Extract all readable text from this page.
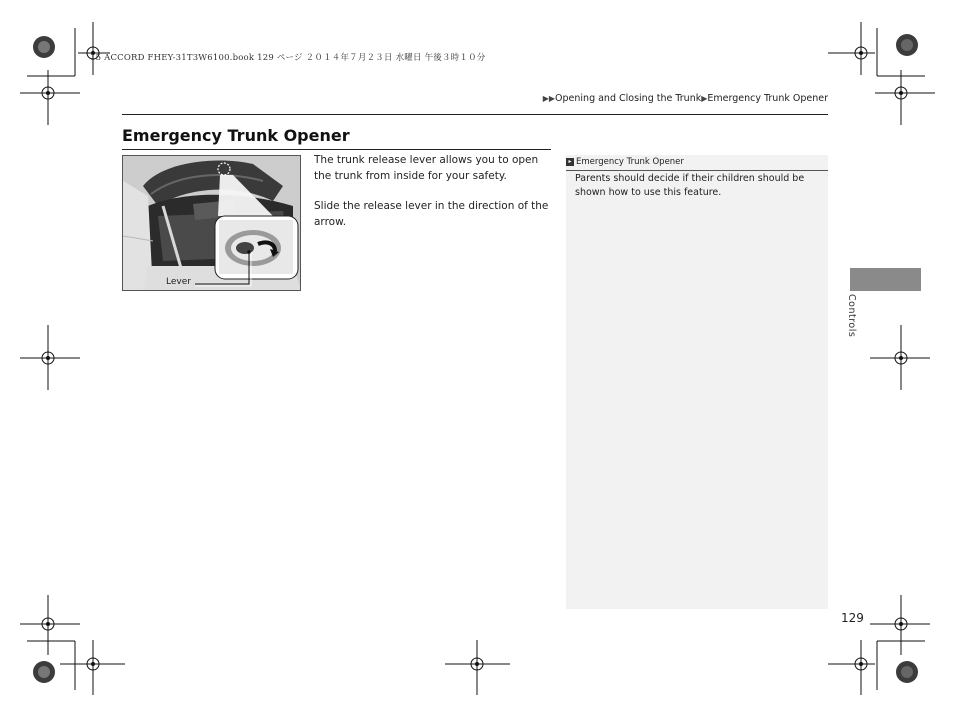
15 ACCORD FHEY-31T3W6100.book 129 ページ ２０１４年７月２３日 水曜日 午後３時１０分
▶▶Opening and Closing the Trunk▶Emergency Trunk Opener
Emergency Trunk Opener
Lever

The trunk release lever allows you to open the trunk from inside for your safety.

Slide the release lever in the direction of the arrow.

▸ Emergency Trunk Opener
Parents should decide if their children should be shown how to use this feature.
Controls
129
